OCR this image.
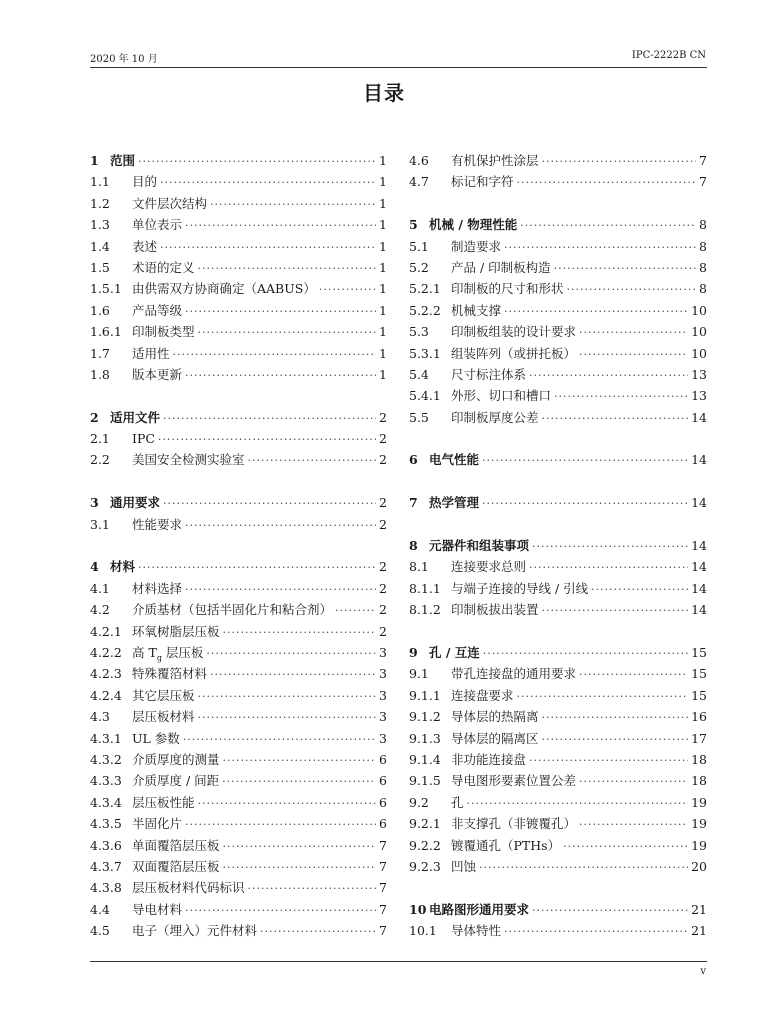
2020 年 10 月	IPC-2222B CN
目录
1 范围 ·····	1
1.1	目的 ·····	1
1.2	文件层次结构 ·····	1
1.3	单位表示 ·····	1
1.4	表述 ·····	1
1.5	术语的定义 ·····	1
1.5.1 由供需双方协商确定（AABUS） ·····	1
1.6	产品等级 ·····	1
1.6.1 印制板类型 ·····	1
1.7	适用性 ·····	1
1.8	版本更新 ·····	1
2 适用文件 ·····	2
2.1	IPC ·····	2
2.2	美国安全检测实验室 ·····	2
3 通用要求 ·····	2
3.1	性能要求 ·····	2
4 材料 ·····	2
4.1	材料选择 ·····	2
4.2	介质基材（包括半固化片和粘合剂） ·····	2
4.2.1 环氧树脂层压板 ·····	2
4.2.2 高 $T_g$ 层压板 ·····	3
4.2.3 特殊覆箔材料 ·····	3
4.2.4 其它层压板 ·····	3
4.3	层压板材料 ·····	3
4.3.1 UL 参数 ·····	3
4.3.2 介质厚度的测量 ·····	6
4.3.3 介质厚度 / 间距 ·····	6
4.3.4 层压板性能 ·····	6
4.3.5 半固化片 ·····	6
4.3.6 单面覆箔层压板 ·····	7
4.3.7 双面覆箔层压板 ·····	7
4.3.8 层压板材料代码标识 ·····	7
4.4	导电材料 ·····	7
4.5	电子（埋入）元件材料 ·····	7
4.6	有机保护性涂层 ·····	7
4.7	标记和字符 ·····	7
5 机械 / 物理性能 ·····	8
5.1	制造要求 ·····	8
5.2	产品 / 印制板构造 ·····	8
5.2.1 印制板的尺寸和形状 ·····	8
5.2.2 机械支撑 ·····	10
5.3	印制板组装的设计要求 ·····	10
5.3.1 组装阵列（或拼托板） ·····	10
5.4	尺寸标注体系 ·····	13
5.4.1 外形、切口和槽口 ·····	13
5.5	印制板厚度公差 ·····	14
6 电气性能 ·····	14
7 热学管理 ·····	14
8 元器件和组装事项 ·····	14
8.1	连接要求总则 ·····	14
8.1.1 与端子连接的导线 / 引线 ·····	14
8.1.2 印制板拔出装置 ·····	14
9 孔 / 互连 ·····	15
9.1	带孔连接盘的通用要求 ·····	15
9.1.1 连接盘要求 ·····	15
9.1.2 导体层的热隔离 ·····	16
9.1.3 导体层的隔离区 ·····	17
9.1.4 非功能连接盘 ·····	18
9.1.5 导电图形要素位置公差 ·····	18
9.2	孔 ·····	19
9.2.1 非支撑孔（非镀覆孔） ·····	19
9.2.2 镀覆通孔（PTHs） ·····	19
9.2.3 凹蚀 ·····	20
10 电路图形通用要求 ·····	21
10.1	导体特性 ·····	21
v
